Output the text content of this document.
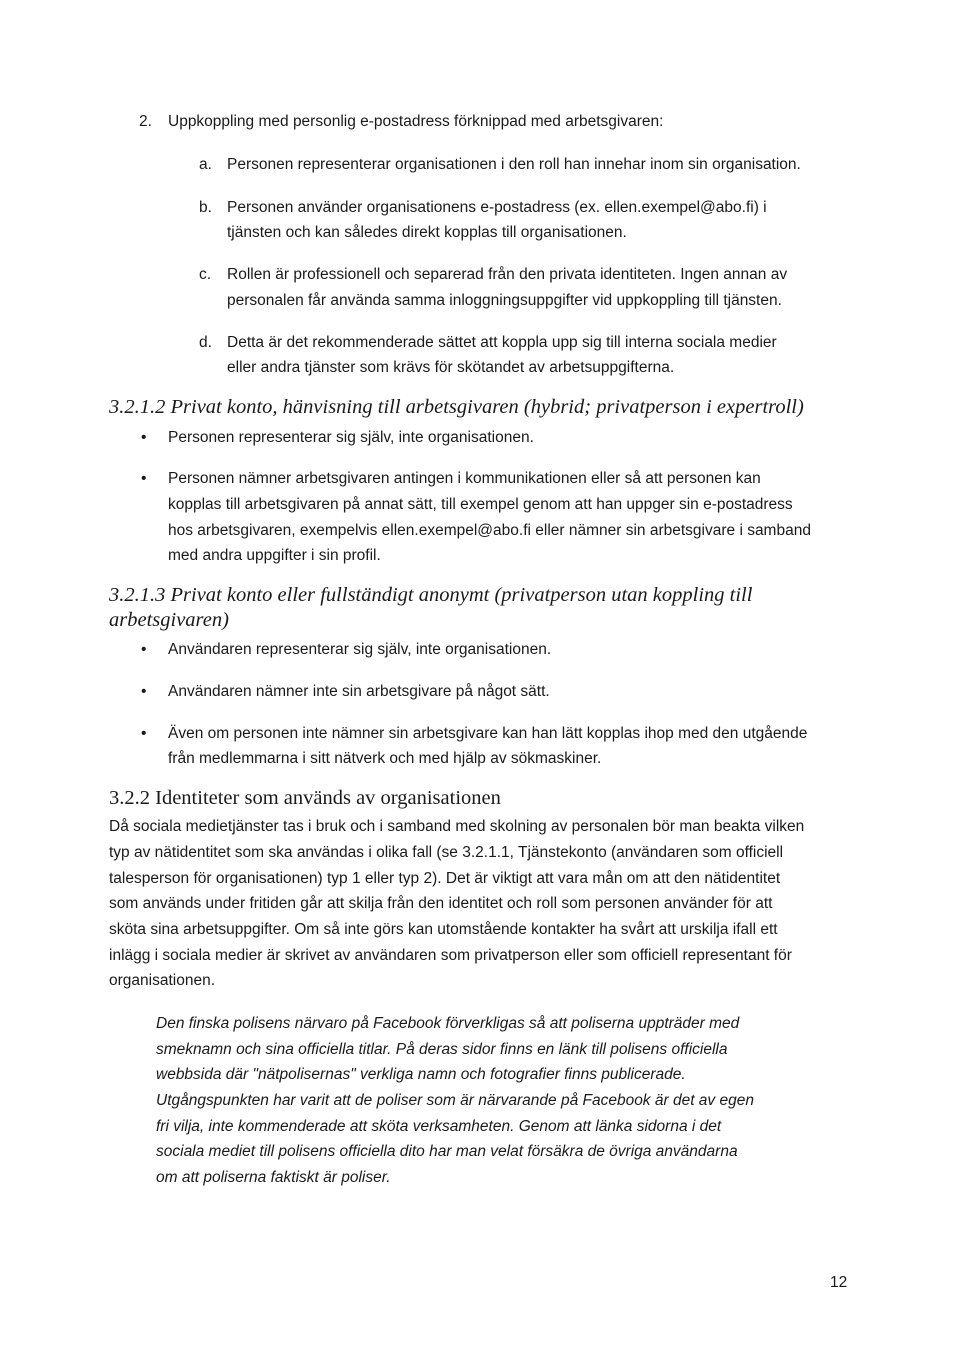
2. Uppkoppling med personlig e-postadress förknippad med arbetsgivaren:
a. Personen representerar organisationen i den roll han innehar inom sin organisation.
b. Personen använder organisationens e-postadress (ex. ellen.exempel@abo.fi) i
tjänsten och kan således direkt kopplas till organisationen.
c. Rollen är professionell och separerad från den privata identiteten. Ingen annan av
personalen får använda samma inloggningsuppgifter vid uppkoppling till tjänsten.
d. Detta är det rekommenderade sättet att koppla upp sig till interna sociala medier
eller andra tjänster som krävs för skötandet av arbetsuppgifterna.
3.2.1.2 Privat konto, hänvisning till arbetsgivaren (hybrid; privatperson i expertroll)
• Personen representerar sig själv, inte organisationen.
• Personen nämner arbetsgivaren antingen i kommunikationen eller så att personen kan
kopplas till arbetsgivaren på annat sätt, till exempel genom att han uppger sin e-postadress
hos arbetsgivaren, exempelvis ellen.exempel@abo.fi eller nämner sin arbetsgivare i samband
med andra uppgifter i sin profil.
3.2.1.3 Privat konto eller fullständigt anonymt (privatperson utan koppling till
arbetsgivaren)
• Användaren representerar sig själv, inte organisationen.
• Användaren nämner inte sin arbetsgivare på något sätt.
• Även om personen inte nämner sin arbetsgivare kan han lätt kopplas ihop med den utgående
från medlemmarna i sitt nätverk och med hjälp av sökmaskiner.
3.2.2 Identiteter som används av organisationen
Då sociala medietjänster tas i bruk och i samband med skolning av personalen bör man beakta vilken
typ av nätidentitet som ska användas i olika fall (se 3.2.1.1, Tjänstekonto (användaren som officiell
talesperson för organisationen) typ 1 eller typ 2). Det är viktigt att vara mån om att den nätidentitet
som används under fritiden går att skilja från den identitet och roll som personen använder för att
sköta sina arbetsuppgifter. Om så inte görs kan utomstående kontakter ha svårt att urskilja ifall ett
inlägg i sociala medier är skrivet av användaren som privatperson eller som officiell representant för
organisationen.
Den finska polisens närvaro på Facebook förverkligas så att poliserna uppträder med
smeknamn och sina officiella titlar. På deras sidor finns en länk till polisens officiella
webbsida där "nätpolisernas" verkliga namn och fotografier finns publicerade.
Utgångspunkten har varit att de poliser som är närvarande på Facebook är det av egen
fri vilja, inte kommenderade att sköta verksamheten. Genom att länka sidorna i det
sociala mediet till polisens officiella dito har man velat försäkra de övriga användarna
om att poliserna faktiskt är poliser.
12
